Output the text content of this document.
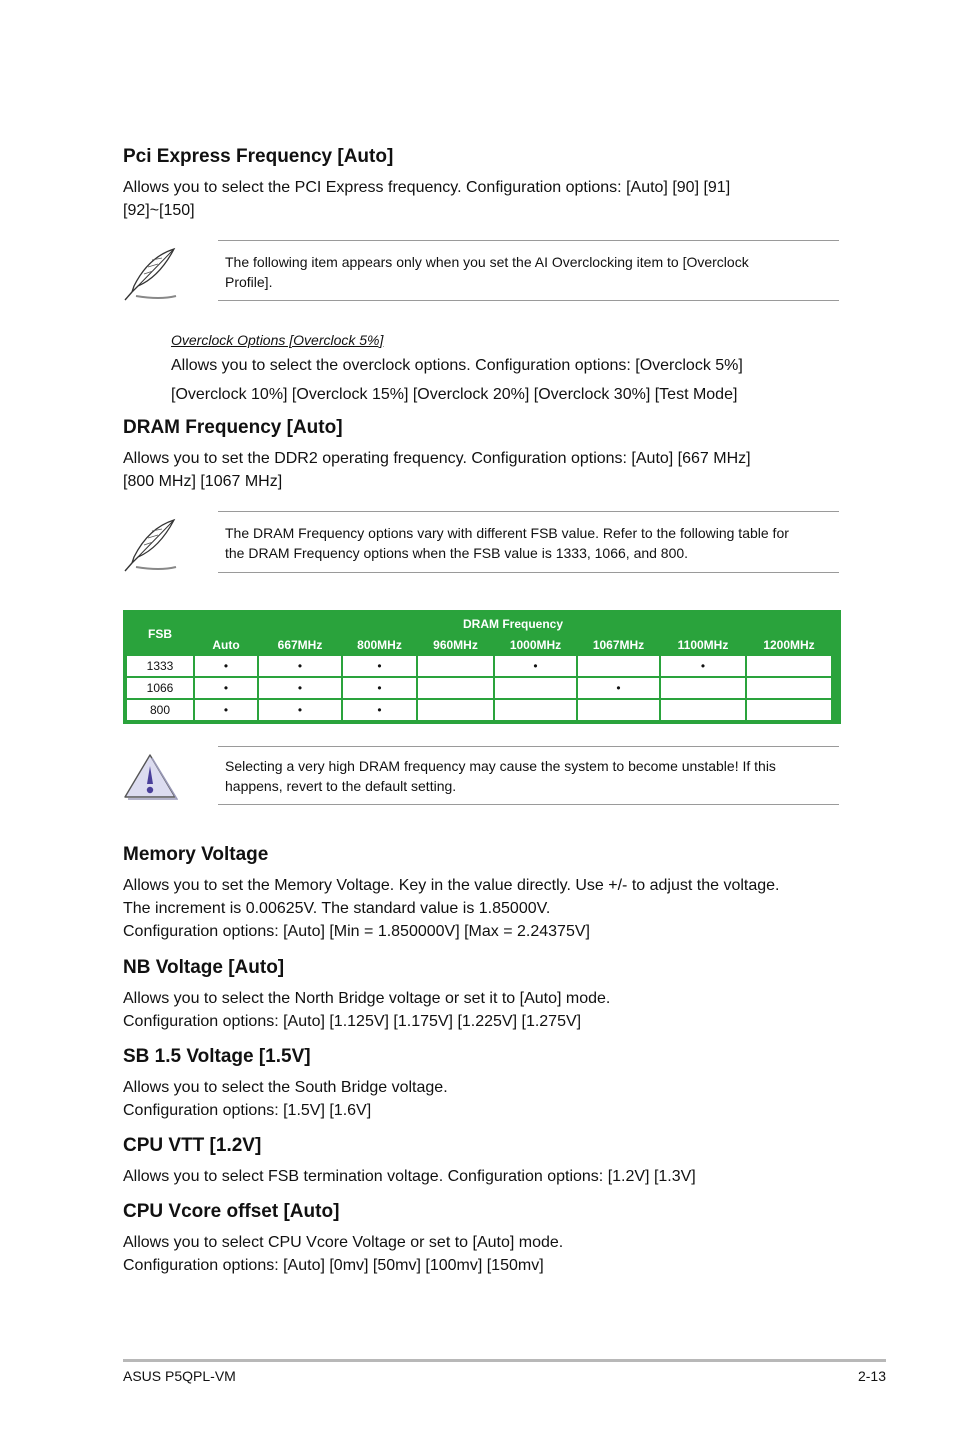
Pci Express Frequency [Auto]
Allows you to select the PCI Express frequency. Configuration options: [Auto] [90] [91]
[92]~[150]
The following item appears only when you set the AI Overclocking item to [Overclock
Profile].
Overclock Options [Overclock 5%]
Allows you to select the overclock options. Configuration options: [Overclock 5%]
[Overclock 10%] [Overclock 15%] [Overclock 20%] [Overclock 30%] [Test Mode]
DRAM Frequency [Auto]
Allows you to set the DDR2 operating frequency. Configuration options: [Auto] [667 MHz]
[800 MHz] [1067 MHz]
The DRAM Frequency options vary with different FSB value. Refer to the following table for
the DRAM Frequency options when the FSB value is 1333, 1066, and 800.
FSB	DRAM Frequency							
	Auto	667MHz	800MHz	960MHz	1000MHz	1067MHz	1100MHz	1200MHz
1333	•	•	•		•		•	
1066	•	•	•			•		
800	•	•	•					
Selecting a very high DRAM frequency may cause the system to become unstable! If this
happens, revert to the default setting.
Memory Voltage
Allows you to set the Memory Voltage. Key in the value directly. Use +/- to adjust the voltage.
The increment is 0.00625V. The standard value is 1.85000V.
Configuration options: [Auto] [Min = 1.850000V] [Max = 2.24375V]
NB Voltage [Auto]
Allows you to select the North Bridge voltage or set it to [Auto] mode.
Configuration options: [Auto] [1.125V] [1.175V] [1.225V] [1.275V]
SB 1.5 Voltage [1.5V]
Allows you to select the South Bridge voltage.
Configuration options: [1.5V] [1.6V]
CPU VTT [1.2V]
Allows you to select FSB termination voltage. Configuration options: [1.2V] [1.3V]
CPU Vcore offset [Auto]
Allows you to select CPU Vcore Voltage or set to [Auto] mode.
Configuration options: [Auto] [0mv] [50mv] [100mv] [150mv]
ASUS P5QPL-VM	2-13
